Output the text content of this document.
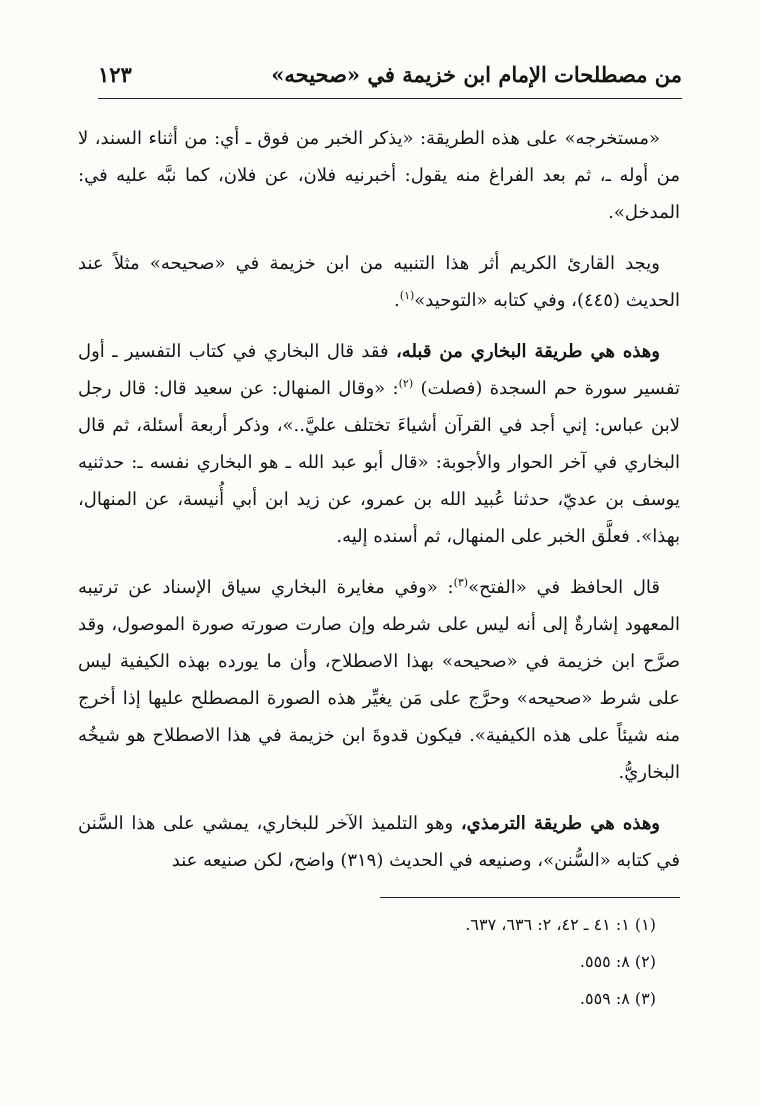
من مصطلحات الإمام ابن خزيمة في «صحيحه»
١٢٣

«مستخرجه» على هذه الطريقة: «يذكر الخبر من فوق ـ أي: من أثناء السند، لا من أوله ـ، ثم بعد الفراغ منه يقول: أخبرنيه فلان، عن فلان، كما نبَّه عليه في: المدخل».

ويجد القارئ الكريم أثر هذا التنبيه من ابن خزيمة في «صحيحه» مثلاً عند الحديث (٤٤٥)، وفي كتابه «التوحيد»$^{(١)}$.

وهذه هي طريقة البخاري من قبله، فقد قال البخاري في كتاب التفسير ـ أول تفسير سورة حم السجدة (فصلت) $^{(٢)}$: «وقال المنهال: عن سعيد قال: قال رجل لابن عباس: إني أجد في القرآن أشياءَ تختلف عليَّ..»، وذكر أربعة أسئلة، ثم قال البخاري في آخر الحوار والأجوبة: «قال أبو عبد الله ـ هو البخاري نفسه ـ: حدثنيه يوسف بن عديّ، حدثنا عُبيد الله بن عمرو، عن زيد ابن أبي أُنيسة، عن المنهال، بهذا». فعلَّق الخبر على المنهال، ثم أسنده إليه.

قال الحافظ في «الفتح»$^{(٣)}$: «وفي مغايرة البخاري سياق الإسناد عن ترتيبه المعهود إشارةٌ إلى أنه ليس على شرطه وإن صارت صورته صورة الموصول، وقد صرَّح ابن خزيمة في «صحيحه» بهذا الاصطلاح، وأن ما يورده بهذه الكيفية ليس على شرط «صحيحه» وحرَّج على مَن يغيِّر هذه الصورة المصطلح عليها إذا أخرج منه شيئاً على هذه الكيفية». فيكون قدوةَ ابن خزيمة في هذا الاصطلاح هو شيخُه البخاريُّ.

وهذه هي طريقة الترمذي، وهو التلميذ الآخر للبخاري، يمشي على هذا السَّنن في كتابه «السُّنن»، وصنيعه في الحديث (٣١٩) واضح، لكن صنيعه عند

(١) ١: ٤١ ـ ٤٢، ٢: ٦٣٦، ٦٣٧.

(٢) ٨: ٥٥٥.

(٣) ٨: ٥٥٩.
